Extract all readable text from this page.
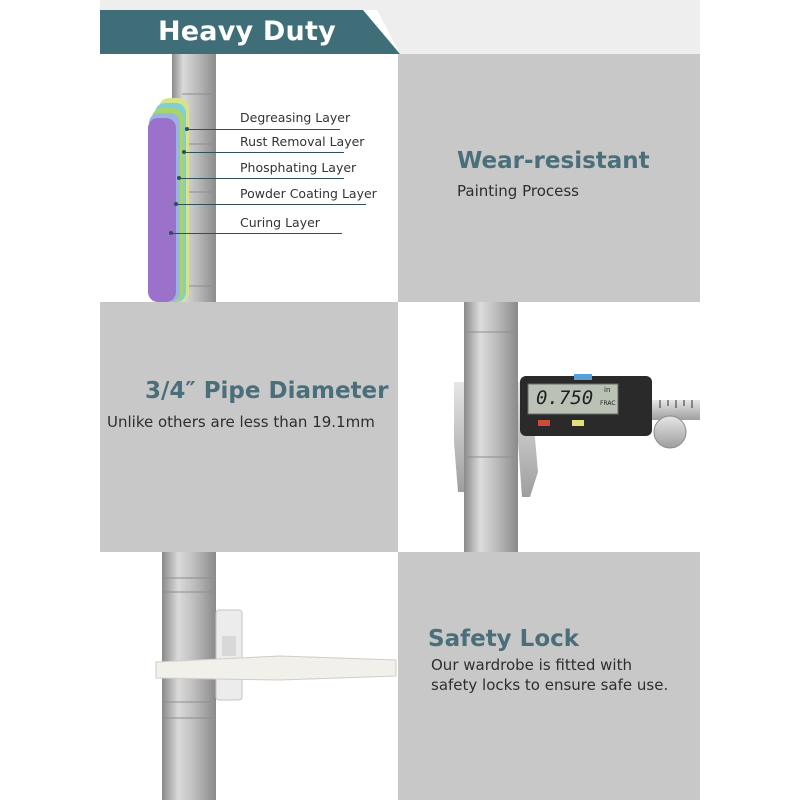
Heavy Duty
Degreasing Layer
Rust Removal Layer
Phosphating Layer
Powder Coating Layer
Curing Layer
Wear-resistant
Painting Process
3/4″ Pipe Diameter
Unlike others are less than 19.1mm
0.750 in
FRAC
Safety Lock
Our wardrobe is fitted with
safety locks to ensure safe use.
